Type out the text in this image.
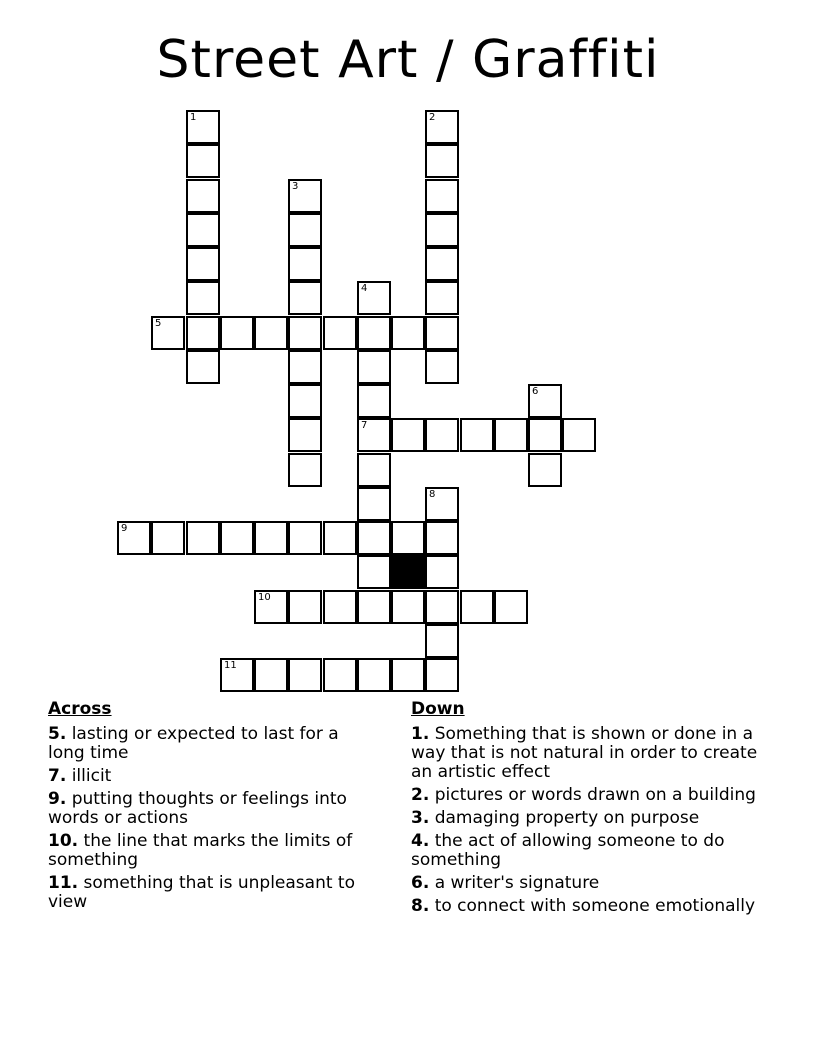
Street Art / Graffiti
1	2
3
4
7
5
6
8
9
10
11
Across
5. lasting or expected to last for a long time
7. illicit
9. putting thoughts or feelings into words or actions
10. the line that marks the limits of something
11. something that is unpleasant to view
Down
1. Something that is shown or done in a way that is not natural in order to create an artistic effect
2. pictures or words drawn on a building
3. damaging property on purpose
4. the act of allowing someone to do something
6. a writer's signature
8. to connect with someone emotionally
